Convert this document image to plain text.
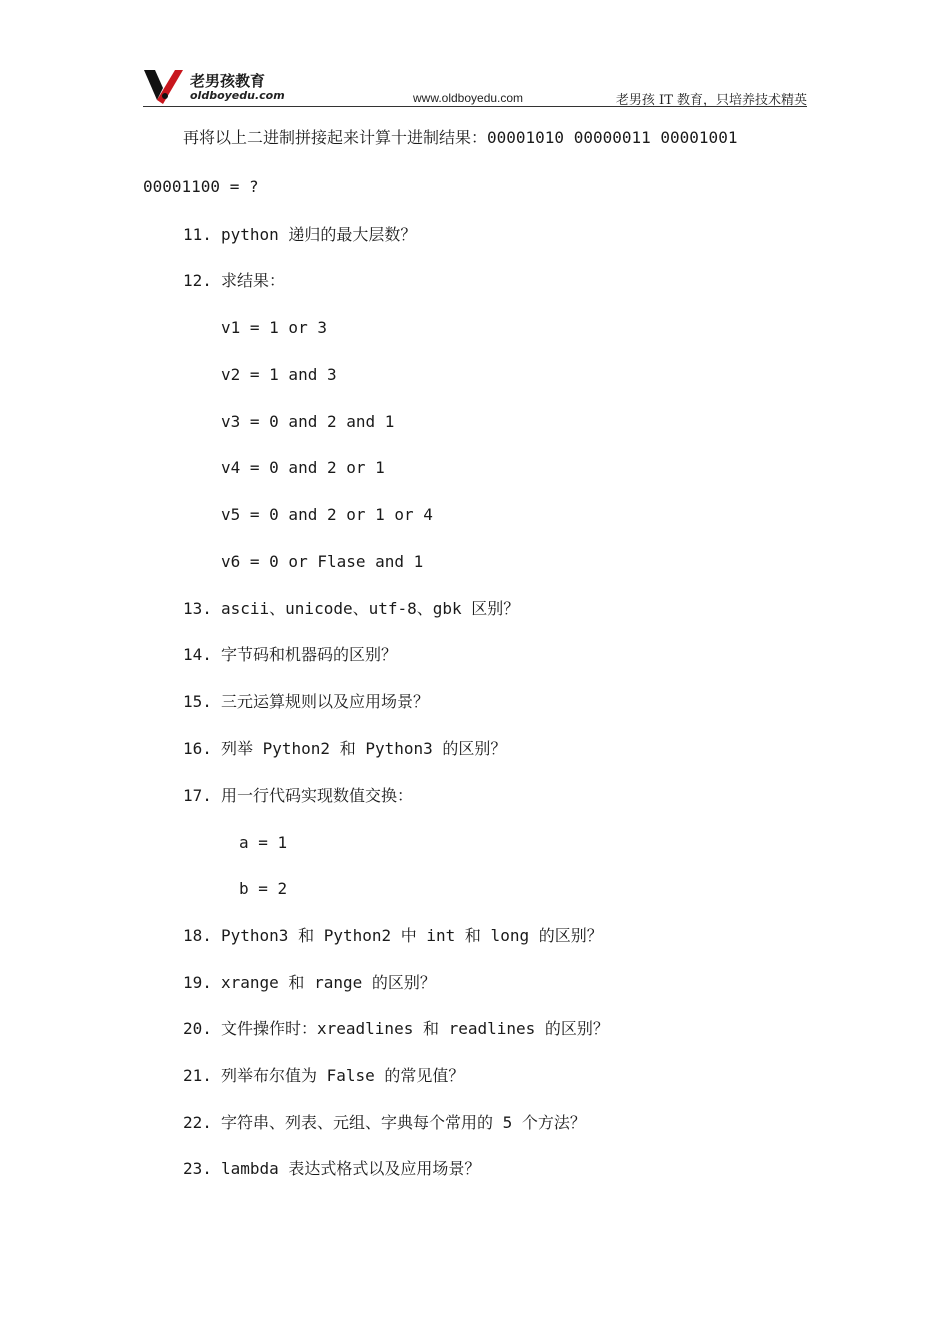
老男孩教育
oldboyedu.com	www.oldboyedu.com	老男孩 IT 教育，只培养技术精英
再将以上二进制拼接起来计算十进制结果：00001010 00000011 00001001
00001100 = ?
11. python 递归的最大层数？
12. 求结果：
v1 = 1 or 3
v2 = 1 and 3
v3 = 0 and 2 and 1
v4 = 0 and 2 or 1
v5 = 0 and 2 or 1 or 4
v6 = 0 or Flase and 1
13. ascii、unicode、utf-8、gbk 区别？
14. 字节码和机器码的区别？
15. 三元运算规则以及应用场景？
16. 列举 Python2 和 Python3 的区别？
17. 用一行代码实现数值交换：
a = 1
b = 2
18. Python3 和 Python2 中 int 和 long 的区别？
19. xrange 和 range 的区别？
20. 文件操作时：xreadlines 和 readlines 的区别？
21. 列举布尔值为 False 的常见值？
22. 字符串、列表、元组、字典每个常用的 5 个方法？
23. lambda 表达式格式以及应用场景？
